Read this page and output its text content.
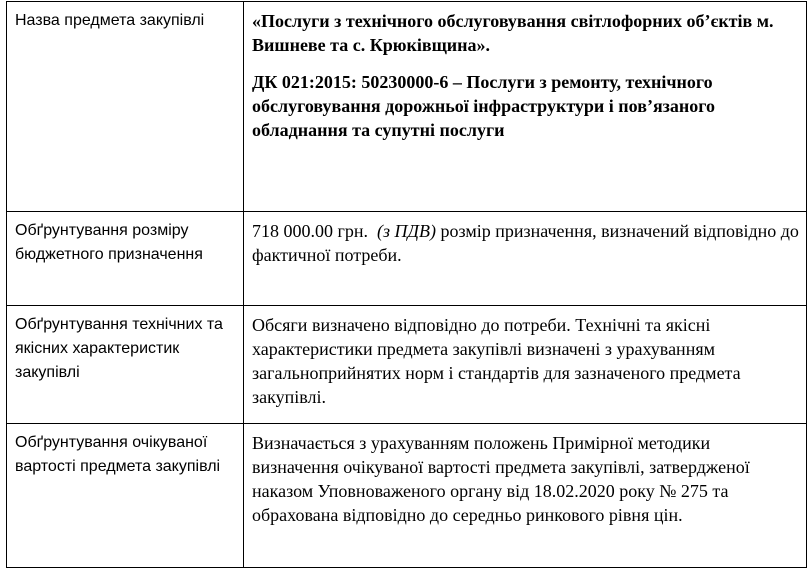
Назва предмета закупівлі	«Послуги з технічного обслуговування світлофорних об’єктів м. Вишневе та с. Крюківщина».

ДК 021:2015: 50230000-6 – Послуги з ремонту, технічного обслуговування дорожньої інфраструктури і пов’язаного обладнання та супутні послуги

Обґрунтування розміру бюджетного призначення	718 000.00 грн. (з ПДВ) розмір призначення, визначений відповідно до фактичної потреби.
Обґрунтування технічних та якісних характеристик закупівлі	Обсяги визначено відповідно до потреби. Технічні та якісні характеристики предмета закупівлі визначені з урахуванням загальноприйнятих норм і стандартів для зазначеного предмета закупівлі.
Обґрунтування очікуваної вартості предмета закупівлі	Визначається з урахуванням положень Примірної методики визначення очікуваної вартості предмета закупівлі, затвердженої наказом Уповноваженого органу від 18.02.2020 року № 275 та обрахована відповідно до середньо ринкового рівня цін.
